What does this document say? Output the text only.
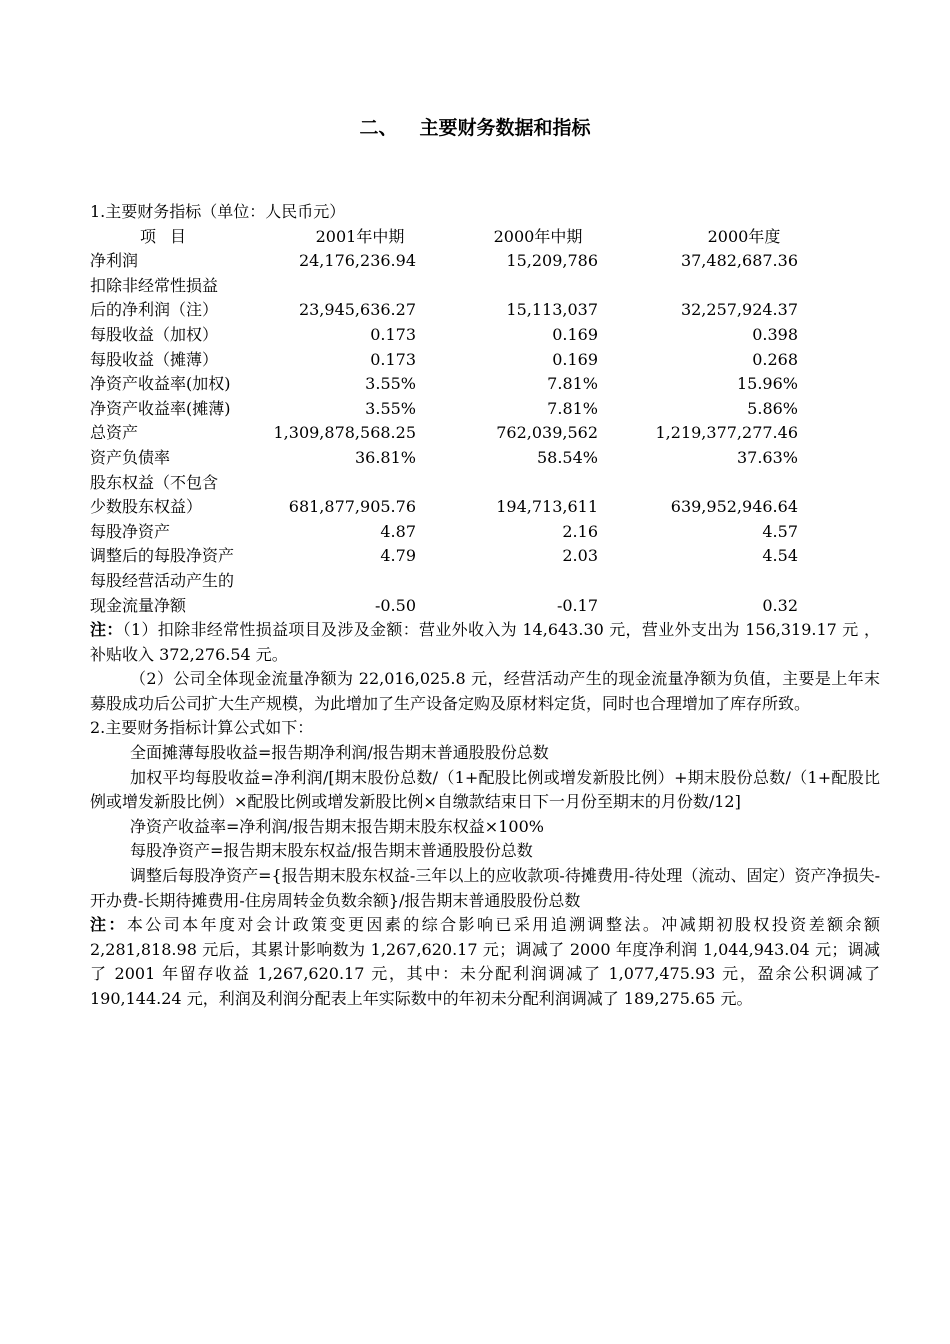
二、 主要财务数据和指标
1.主要财务指标（单位：人民币元）
项目	2001年中期	2000年中期	2000年度
净利润	24,176,236.94	15,209,786	37,482,687.36
扣除非经常性损益
后的净利润（注）	23,945,636.27	15,113,037	32,257,924.37
每股收益（加权）	0.173	0.169	0.398
每股收益（摊薄）	0.173	0.169	0.268
净资产收益率(加权)	3.55%	7.81%	15.96%
净资产收益率(摊薄)	3.55%	7.81%	5.86%
总资产	1,309,878,568.25	762,039,562	1,219,377,277.46
资产负债率	36.81%	58.54%	37.63%
股东权益（不包含
少数股东权益）	681,877,905.76	194,713,611	639,952,946.64
每股净资产	4.87	2.16	4.57
调整后的每股净资产	4.79	2.03	4.54
每股经营活动产生的
现金流量净额	-0.50	-0.17	0.32
注：（1）扣除非经常性损益项目及涉及金额：营业外收入为 14,643.30 元，营业外支出为 156,319.17 元 ，补贴收入 372,276.54 元。
（2）公司全体现金流量净额为 22,016,025.8 元，经营活动产生的现金流量净额为负值，主要是上年末募股成功后公司扩大生产规模，为此增加了生产设备定购及原材料定货，同时也合理增加了库存所致。
2.主要财务指标计算公式如下：
全面摊薄每股收益=报告期净利润/报告期末普通股股份总数
加权平均每股收益=净利润/[期末股份总数/（1+配股比例或增发新股比例）+期末股份总数/（1+配股比例或增发新股比例）×配股比例或增发新股比例×自缴款结束日下一月份至期末的月份数/12]
净资产收益率=净利润/报告期末报告期末股东权益×100%
每股净资产=报告期末股东权益/报告期末普通股股份总数
调整后每股净资产={报告期末股东权益-三年以上的应收款项-待摊费用-待处理（流动、固定）资产净损失-开办费-长期待摊费用-住房周转金负数余额}/报告期末普通股股份总数
注：本公司本年度对会计政策变更因素的综合影响已采用追溯调整法。冲减期初股权投资差额余额 2,281,818.98 元后，其累计影响数为 1,267,620.17 元；调减了 2000 年度净利润 1,044,943.04 元；调减了 2001 年留存收益 1,267,620.17 元，其中：未分配利润调减了 1,077,475.93 元，盈余公积调减了 190,144.24 元，利润及利润分配表上年实际数中的年初未分配利润调减了 189,275.65 元。
